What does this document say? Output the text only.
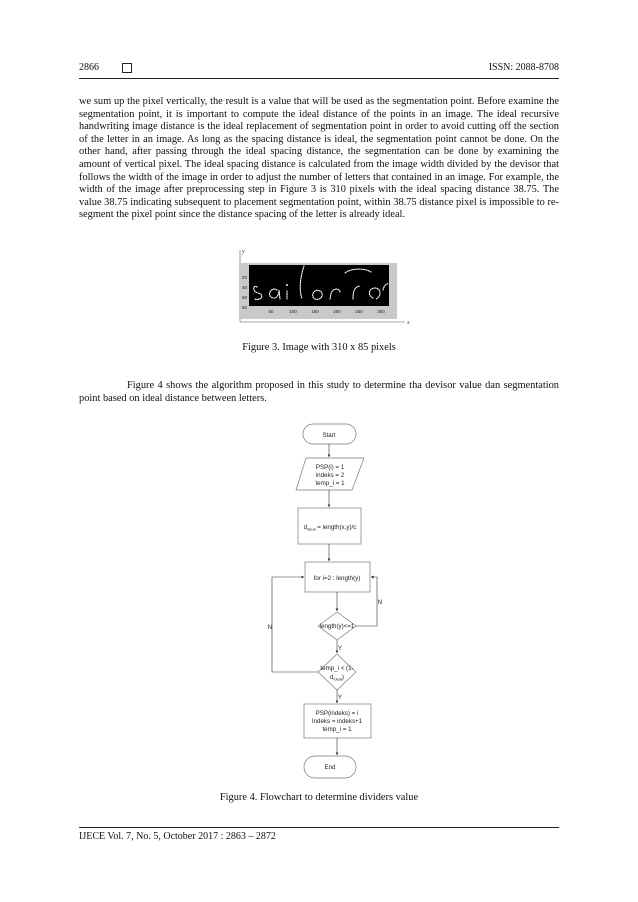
2866	ISSN: 2088-8708

we sum up the pixel vertically, the result is a value that will be used as the segmentation point. Before examine the segmentation point, it is important to compute the ideal distance of the points in an image. The ideal recursive handwriting image distance is the ideal replacement of segmentation point in order to avoid cutting off the section of the letter in an image. As long as the spacing distance is ideal, the segmentation point cannot be done. On the other hand, after passing through the ideal spacing distance, the segmentation can be done by examining the amount of vertical pixel. The ideal spacing distance is calculated from the image width divided by the devisor that follows the width of the image in order to adjust the number of letters that contained in an image. For example, the width of the image after preprocessing step in Figure 3 is 310 pixels with the ideal spacing distance 38.75. The value 38.75 indicating subsequent to placement segmentation point, within 38.75 distance pixel is impossible to re-segment the pixel point since the distance spacing of the letter is already ideal.

y
x
20
40
60
80
50	100	150	200	250	300
Figure 3. Image with 310 x 85 pixels

Figure 4 shows the algorithm proposed in this study to determine tha devisor value dan segmentation point based on ideal distance between letters.

Start
PSP(i) = 1
indeks = 2
temp_i = 1
$d_{ideal}$ = length(x,y)/c
for i=2 : length(y)
length(y)<=1
temp_i < (1-
$d_{ideal}$)
PSP(indeks) = i
Indeks = indeks+1
temp_i = 1
End
Y
Y
N
N
Figure 4. Flowchart to determine dividers value
IJECE Vol. 7, No. 5, October 2017 : 2863 – 2872
